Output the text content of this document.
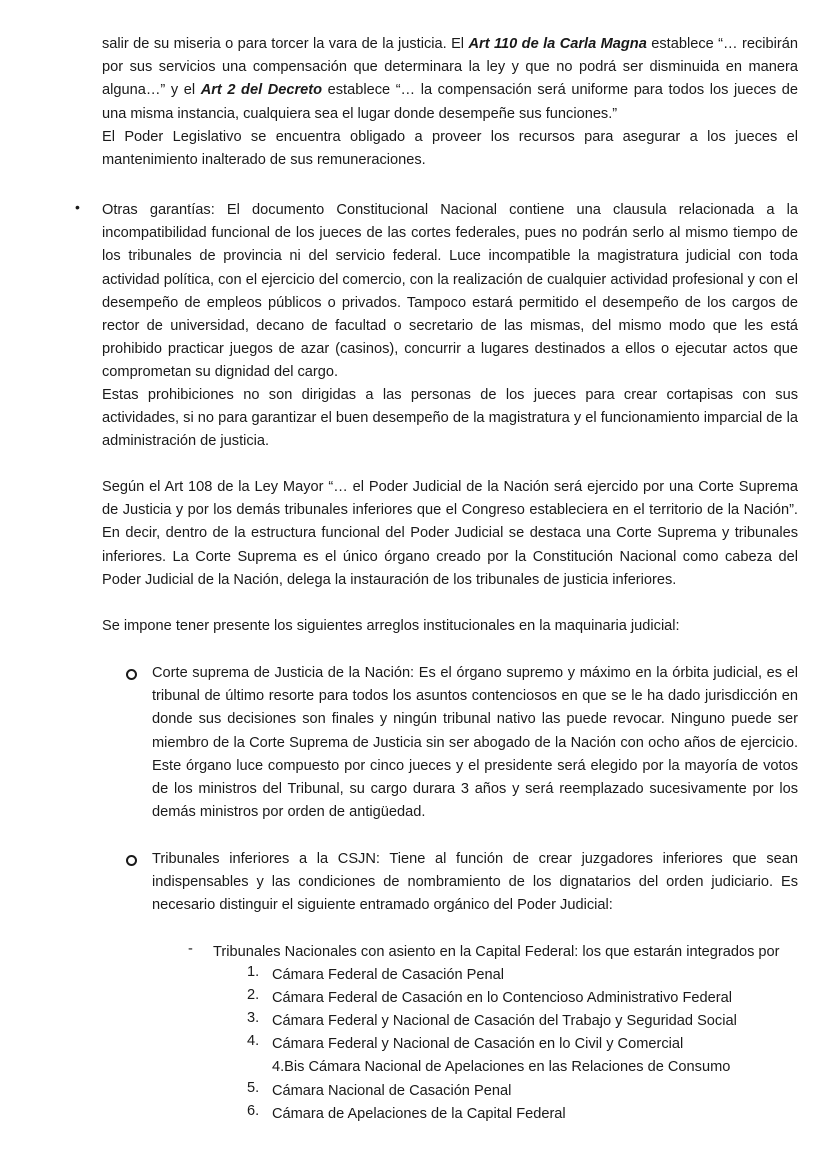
salir de su miseria o para torcer la vara de la justicia. El Art 110 de la Carla Magna establece “… recibirán por sus servicios una compensación que determinara la ley y que no podrá ser disminuida en manera alguna…” y el Art 2 del Decreto establece “… la compensación será uniforme para todos los jueces de una misma instancia, cualquiera sea el lugar donde desempeñe sus funciones.”

El Poder Legislativo se encuentra obligado a proveer los recursos para asegurar a los jueces el mantenimiento inalterado de sus remuneraciones.

• Otras garantías: El documento Constitucional Nacional contiene una clausula relacionada a la incompatibilidad funcional de los jueces de las cortes federales, pues no podrán serlo al mismo tiempo de los tribunales de provincia ni del servicio federal. Luce incompatible la magistratura judicial con toda actividad política, con el ejercicio del comercio, con la realización de cualquier actividad profesional y con el desempeño de empleos públicos o privados. Tampoco estará permitido el desempeño de los cargos de rector de universidad, decano de facultad o secretario de las mismas, del mismo modo que les está prohibido practicar juegos de azar (casinos), concurrir a lugares destinados a ellos o ejecutar actos que comprometan su dignidad del cargo.

Estas prohibiciones no son dirigidas a las personas de los jueces para crear cortapisas con sus actividades, si no para garantizar el buen desempeño de la magistratura y el funcionamiento imparcial de la administración de justicia.

Según el Art 108 de la Ley Mayor “… el Poder Judicial de la Nación será ejercido por una Corte Suprema de Justicia y por los demás tribunales inferiores que el Congreso estableciera en el territorio de la Nación”. En decir, dentro de la estructura funcional del Poder Judicial se destaca una Corte Suprema y tribunales inferiores. La Corte Suprema es el único órgano creado por la Constitución Nacional como cabeza del Poder Judicial de la Nación, delega la instauración de los tribunales de justicia inferiores.

Se impone tener presente los siguientes arreglos institucionales en la maquinaria judicial:

Corte suprema de Justicia de la Nación: Es el órgano supremo y máximo en la órbita judicial, es el tribunal de último resorte para todos los asuntos contenciosos en que se le ha dado jurisdicción en donde sus decisiones son finales y ningún tribunal nativo las puede revocar. Ninguno puede ser miembro de la Corte Suprema de Justicia sin ser abogado de la Nación con ocho años de ejercicio. Este órgano luce compuesto por cinco jueces y el presidente será elegido por la mayoría de votos de los ministros del Tribunal, su cargo durara 3 años y será reemplazado sucesivamente por los demás ministros por orden de antigüedad.

Tribunales inferiores a la CSJN: Tiene al función de crear juzgadores inferiores que sean indispensables y las condiciones de nombramiento de los dignatarios del orden judiciario. Es necesario distinguir el siguiente entramado orgánico del Poder Judicial:

- Tribunales Nacionales con asiento en la Capital Federal: los que estarán integrados por
1. Cámara Federal de Casación Penal
2. Cámara Federal de Casación en lo Contencioso Administrativo Federal
3. Cámara Federal y Nacional de Casación del Trabajo y Seguridad Social
4. Cámara Federal y Nacional de Casación en lo Civil y Comercial
4.Bis Cámara Nacional de Apelaciones en las Relaciones de Consumo
5. Cámara Nacional de Casación Penal
6. Cámara de Apelaciones de la Capital Federal
